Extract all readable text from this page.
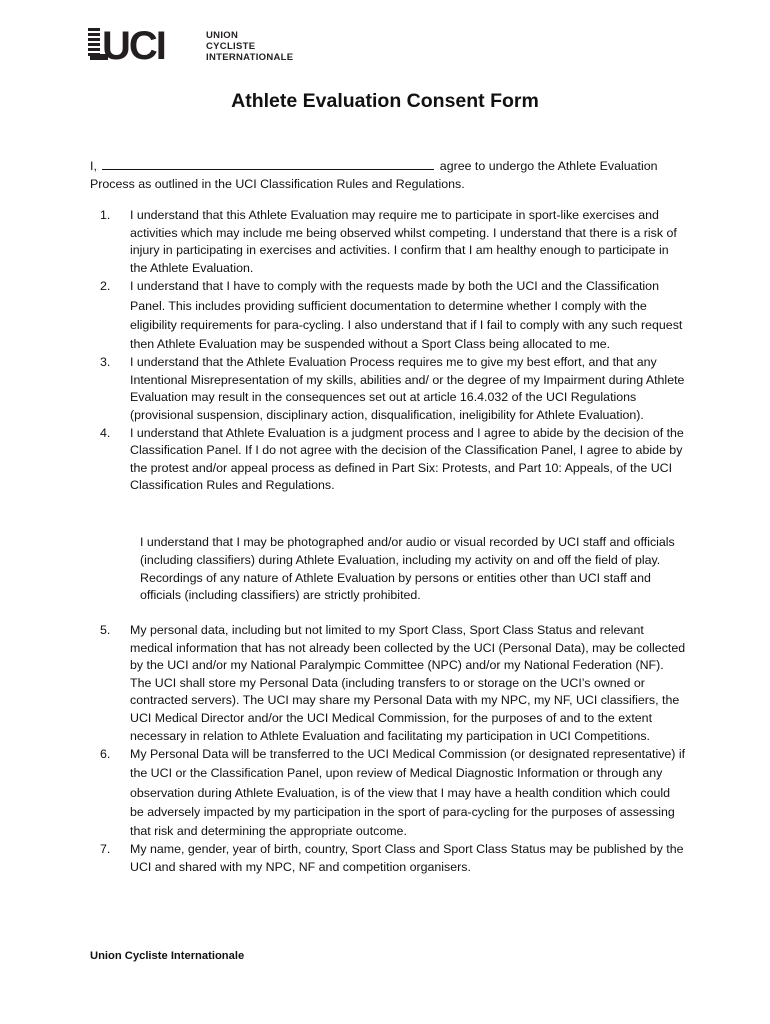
UCI	UNION
CYCLISTE
INTERNATIONALE
Athlete Evaluation Consent Form
I,	agree to undergo the Athlete Evaluation
Process as outlined in the UCI Classification Rules and Regulations.
1. I understand that this Athlete Evaluation may require me to participate in sport-like exercises and activities which may include me being observed whilst competing. I understand that there is a risk of injury in participating in exercises and activities. I confirm that I am healthy enough to participate in the Athlete Evaluation.
2. I understand that I have to comply with the requests made by both the UCI and the Classification Panel. This includes providing sufficient documentation to determine whether I comply with the eligibility requirements for para-cycling. I also understand that if I fail to comply with any such request then Athlete Evaluation may be suspended without a Sport Class being allocated to me.
3. I understand that the Athlete Evaluation Process requires me to give my best effort, and that any Intentional Misrepresentation of my skills, abilities and/ or the degree of my Impairment during Athlete Evaluation may result in the consequences set out at article 16.4.032 of the UCI Regulations (provisional suspension, disciplinary action, disqualification, ineligibility for Athlete Evaluation).
4. I understand that Athlete Evaluation is a judgment process and I agree to abide by the decision of the Classification Panel. If I do not agree with the decision of the Classification Panel, I agree to abide by the protest and/or appeal process as defined in Part Six: Protests, and Part 10: Appeals, of the UCI Classification Rules and Regulations.
I understand that I may be photographed and/or audio or visual recorded by UCI staff and officials (including classifiers) during Athlete Evaluation, including my activity on and off the field of play. Recordings of any nature of Athlete Evaluation by persons or entities other than UCI staff and officials (including classifiers) are strictly prohibited.
5. My personal data, including but not limited to my Sport Class, Sport Class Status and relevant medical information that has not already been collected by the UCI (Personal Data), may be collected by the UCI and/or my National Paralympic Committee (NPC) and/or my National Federation (NF). The UCI shall store my Personal Data (including transfers to or storage on the UCI’s owned or contracted servers). The UCI may share my Personal Data with my NPC, my NF, UCI classifiers, the UCI Medical Director and/or the UCI Medical Commission, for the purposes of and to the extent necessary in relation to Athlete Evaluation and facilitating my participation in UCI Competitions.
6. My Personal Data will be transferred to the UCI Medical Commission (or designated representative) if the UCI or the Classification Panel, upon review of Medical Diagnostic Information or through any observation during Athlete Evaluation, is of the view that I may have a health condition which could be adversely impacted by my participation in the sport of para-cycling for the purposes of assessing that risk and determining the appropriate outcome.
7. My name, gender, year of birth, country, Sport Class and Sport Class Status may be published by the UCI and shared with my NPC, NF and competition organisers.
Union Cycliste Internationale
